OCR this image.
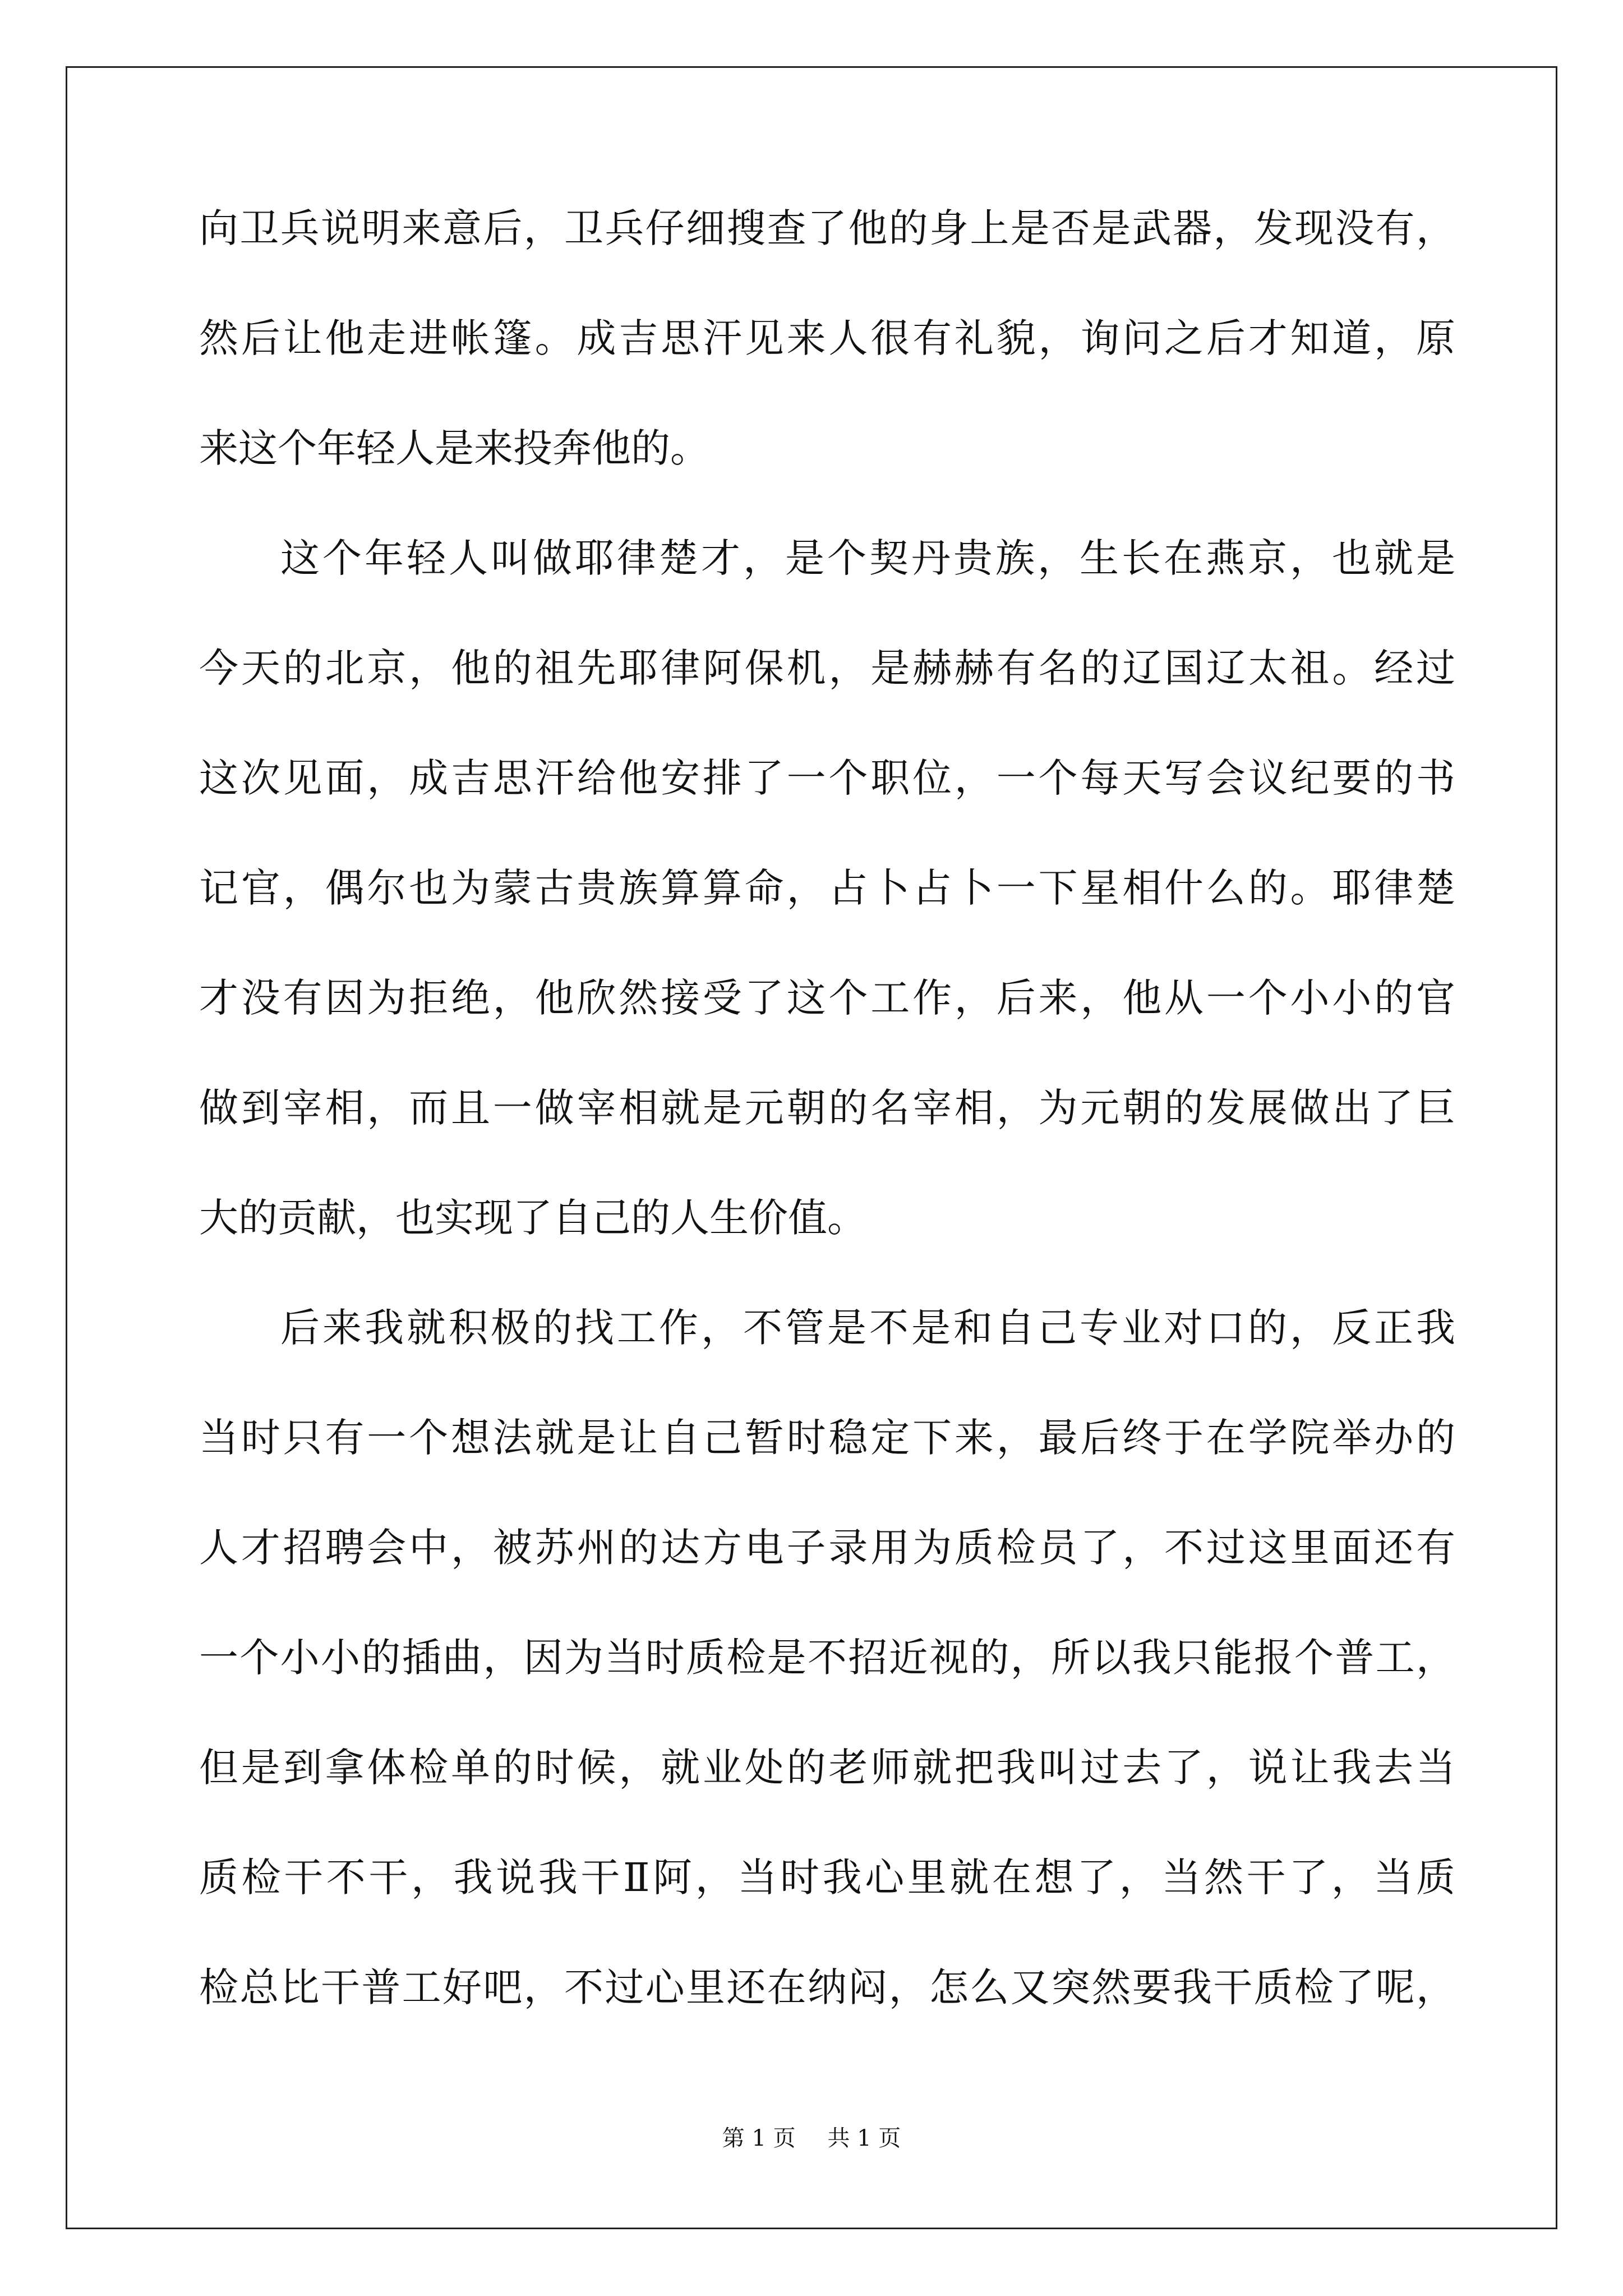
向卫兵说明来意后，卫兵仔细搜查了他的身上是否是武器，发现没有，
然后让他走进帐篷。成吉思汗见来人很有礼貌，询问之后才知道，原
来这个年轻人是来投奔他的。
这个年轻人叫做耶律楚才，是个契丹贵族，生长在燕京，也就是
今天的北京，他的祖先耶律阿保机，是赫赫有名的辽国辽太祖。经过
这次见面，成吉思汗给他安排了一个职位，一个每天写会议纪要的书
记官，偶尔也为蒙古贵族算算命，占卜占卜一下星相什么的。耶律楚
才没有因为拒绝，他欣然接受了这个工作，后来，他从一个小小的官
做到宰相，而且一做宰相就是元朝的名宰相，为元朝的发展做出了巨
大的贡献，也实现了自己的人生价值。
后来我就积极的找工作，不管是不是和自己专业对口的，反正我
当时只有一个想法就是让自己暂时稳定下来，最后终于在学院举办的
人才招聘会中，被苏州的达方电子录用为质检员了，不过这里面还有
一个小小的插曲，因为当时质检是不招近视的，所以我只能报个普工，
但是到拿体检单的时候，就业处的老师就把我叫过去了，说让我去当
质检干不干，我说我干Ⅱ阿，当时我心里就在想了，当然干了，当质
检总比干普工好吧，不过心里还在纳闷，怎么又突然要我干质检了呢，
第 1 页 共 1 页
